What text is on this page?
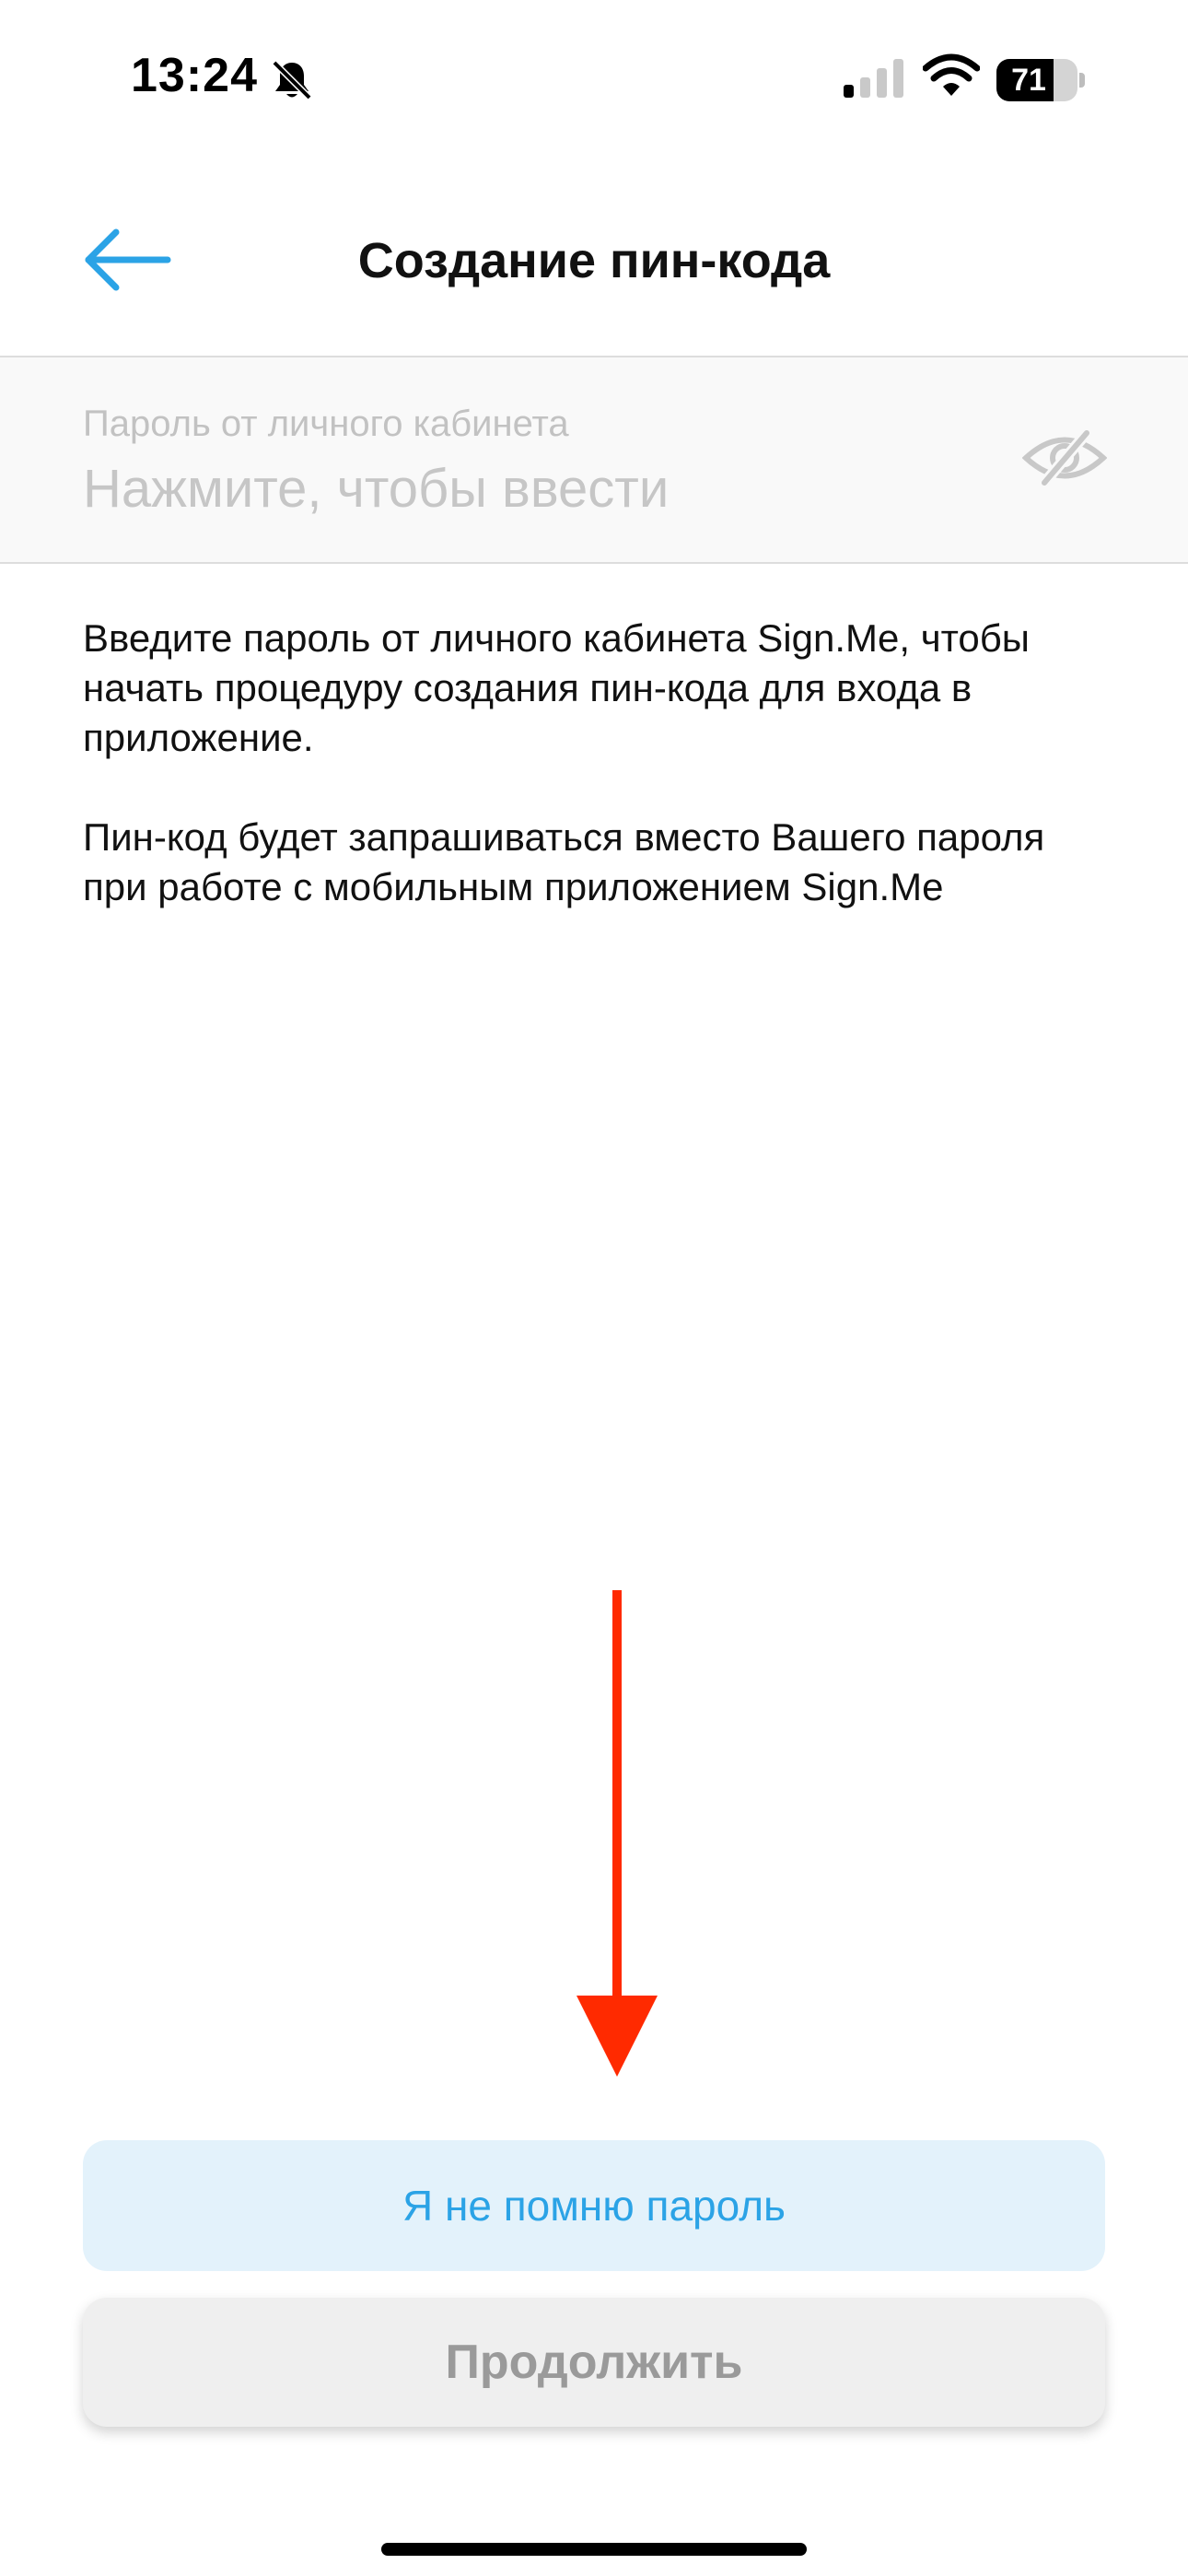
13:24	71
Создание пин-кода
Пароль от личного кабинета

Введите пароль от личного кабинета Sign.Me, чтобы начать процедуру создания пин-кода для входа в приложение.

Пин-код будет запрашиваться вместо Вашего пароля при работе с мобильным приложением Sign.Me

Я не помню пароль
Продолжить
